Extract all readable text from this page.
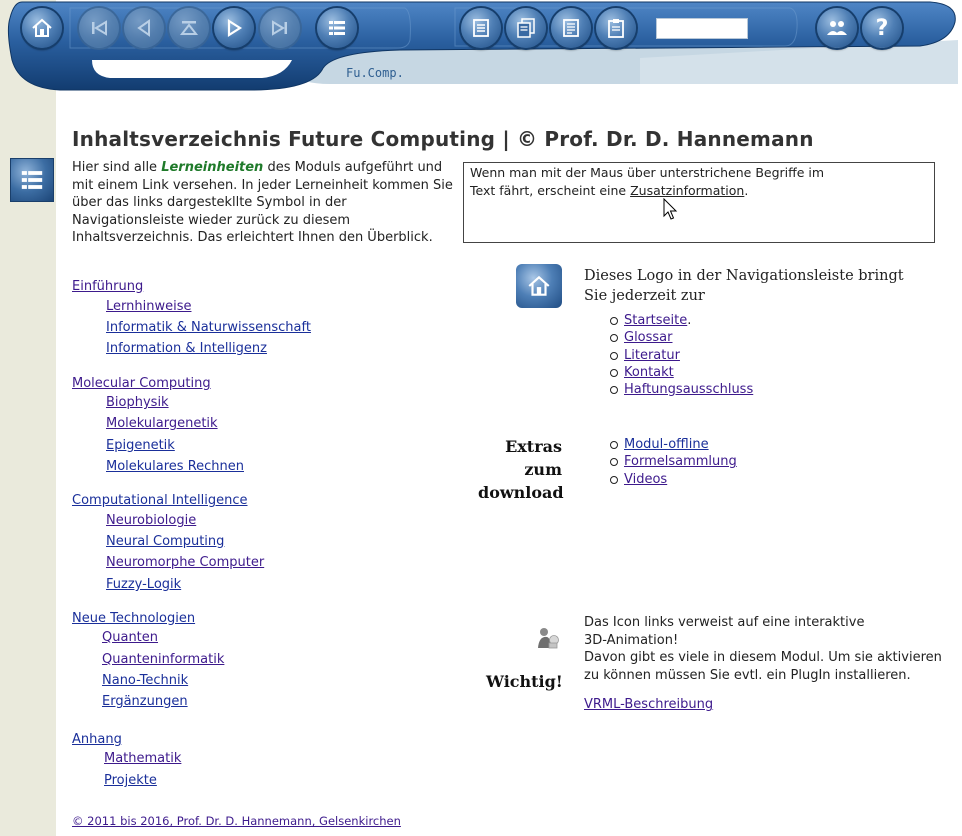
?
Fu.Comp.
Inhaltsverzeichnis Future Computing | © Prof. Dr. D. Hannemann

Hier sind alle Lerneinheiten des Moduls aufgeführt und mit einem Link versehen. In jeder Lerneinheit kommen Sie über das links dargestekllte Symbol in der Navigationsleiste wieder zurück zu diesem Inhaltsverzeichnis. Das erleichtert Ihnen den Überblick.

Wenn man mit der Maus über unterstrichene Begriffe im
Text fährt, erscheint eine Zusatzinformation.
Einführung
Lernhinweise
Informatik & Naturwissenschaft
Information & Intelligenz
Molecular Computing
Biophysik
Molekulargenetik
Epigenetik
Molekulares Rechnen
Computational Intelligence
Neurobiologie
Neural Computing
Neuromorphe Computer
Fuzzy-Logik
Neue Technologien
Quanten
Quanteninformatik
Nano-Technik
Ergänzungen
Anhang
Mathematik
Projekte
Dieses Logo in der Navigationsleiste bringt Sie jederzeit zur
Startseite.
Glossar
Literatur
Kontakt
Haftungsausschluss
Extras
zum
download
Modul-offline
Formelsammlung
Videos
Wichtig!
Das Icon links verweist auf eine interaktive
3D-Animation!
Davon gibt es viele in diesem Modul. Um sie aktivieren
zu können müssen Sie evtl. ein PlugIn installieren.
VRML-Beschreibung
© 2011 bis 2016, Prof. Dr. D. Hannemann, Gelsenkirchen
